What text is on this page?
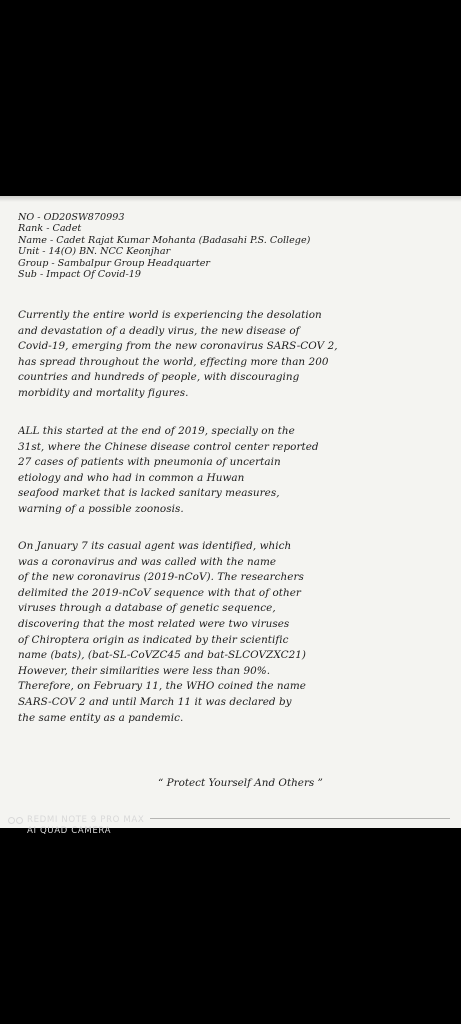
NO - OD20SW870993
Rank - Cadet
Name - Cadet Rajat Kumar Mohanta (Badasahi P.S. College)
Unit - 14(O) BN. NCC Keonjhar
Group - Sambalpur Group Headquarter
Sub - Impact Of Covid-19
Currently the entire world is experiencing the desolation
and devastation of a deadly virus, the new disease of
Covid-19, emerging from the new coronavirus SARS-COV 2,
has spread throughout the world, effecting more than 200
countries and hundreds of people, with discouraging
morbidity and mortality figures.
ALL this started at the end of 2019, specially on the
31st, where the Chinese disease control center reported
27 cases of patients with pneumonia of uncertain
etiology and who had in common a Huwan
seafood market that is lacked sanitary measures,
warning of a possible zoonosis.
On January 7 its casual agent was identified, which
was a coronavirus and was called with the name
of the new coronavirus (2019-nCoV). The researchers
delimited the 2019-nCoV sequence with that of other
viruses through a database of genetic sequence,
discovering that the most related were two viruses
of Chiroptera origin as indicated by their scientific
name (bats), (bat-SL-CoVZC45 and bat-SLCOVZXC21)
However, their similarities were less than 90%.
Therefore, on February 11, the WHO coined the name
SARS-COV 2 and until March 11 it was declared by
the same entity as a pandemic.
“ Protect Yourself And Others ”
REDMI NOTE 9 PRO MAX
AI QUAD CAMERA
